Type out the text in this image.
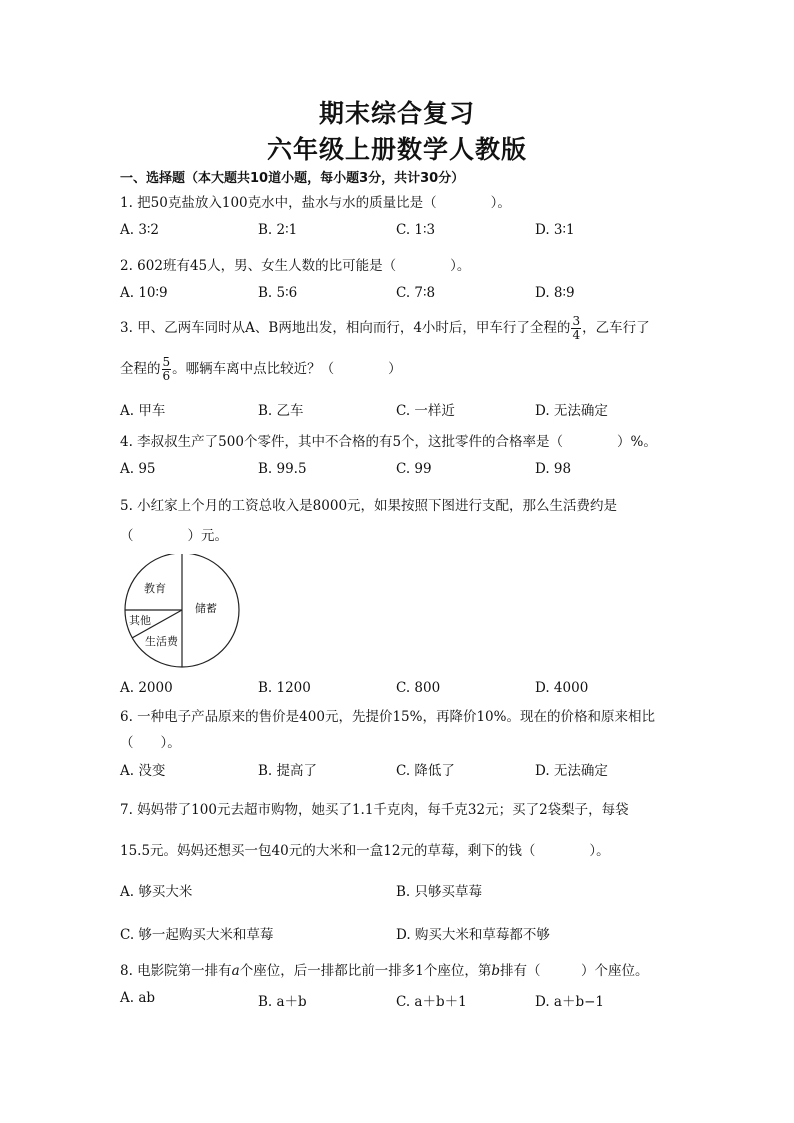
期末综合复习
六年级上册数学人教版
一、选择题（本大题共10道小题，每小题3分，共计30分）
1. 把50克盐放入100克水中，盐水与水的质量比是（　　　　）。
A. 3∶2	B. 2∶1	C. 1∶3	D. 3∶1
2. 602班有45人，男、女生人数的比可能是（　　　　）。
A. 10∶9	B. 5∶6	C. 7∶8	D. 8∶9
3. 甲、乙两车同时从A、B两地出发，相向而行，4小时后，甲车行了全程的 $\frac{3}{4}$ ，乙车行了
全程的 $\frac{5}{6}$ 。哪辆车离中点比较近？（　　　　）
A. 甲车	B. 乙车	C. 一样近	D. 无法确定
4. 李叔叔生产了500个零件，其中不合格的有5个，这批零件的合格率是（　　　　）%。
A. 95	B. 99.5	C. 99	D. 98
5. 小红家上个月的工资总收入是8000元，如果按照下图进行支配，那么生活费约是
（　　　　）元。
教育
储蓄
其他
生活费
A. 2000	B. 1200	C. 800	D. 4000
6. 一种电子产品原来的售价是400元，先提价15%，再降价10%。现在的价格和原来相比
（　　）。
A. 没变	B. 提高了	C. 降低了	D. 无法确定
7. 妈妈带了100元去超市购物，她买了1.1千克肉，每千克32元；买了2袋梨子，每袋
15.5元。妈妈还想买一包40元的大米和一盒12元的草莓，剩下的钱（　　　　）。
A. 够买大米	B. 只够买草莓
C. 够一起购买大米和草莓	D. 购买大米和草莓都不够
8. 电影院第一排有a个座位，后一排都比前一排多1个座位，第b排有（　　　）个座位。
A. ab	B. a＋b	C. a＋b＋1	D. a＋b−1
